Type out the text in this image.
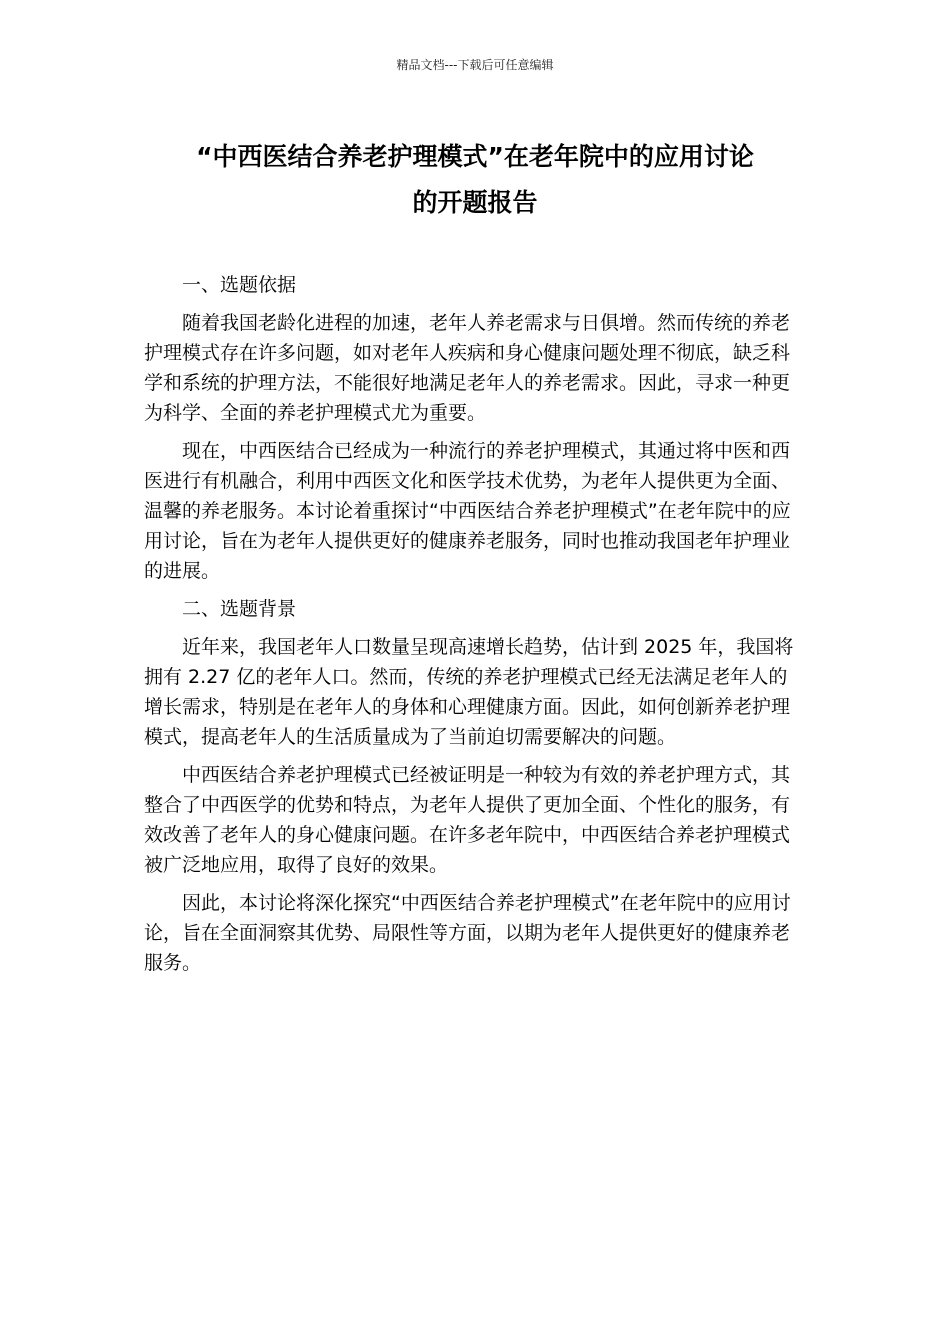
精品文档---下载后可任意编辑
“中西医结合养老护理模式”在老年院中的应用讨论
的开题报告
一、选题依据

随着我国老龄化进程的加速，老年人养老需求与日俱增。然而传统的养老护理模式存在许多问题，如对老年人疾病和身心健康问题处理不彻底，缺乏科学和系统的护理方法，不能很好地满足老年人的养老需求。因此，寻求一种更为科学、全面的养老护理模式尤为重要。

现在，中西医结合已经成为一种流行的养老护理模式，其通过将中医和西医进行有机融合，利用中西医文化和医学技术优势，为老年人提供更为全面、温馨的养老服务。本讨论着重探讨“中西医结合养老护理模式”在老年院中的应用讨论，旨在为老年人提供更好的健康养老服务，同时也推动我国老年护理业的进展。

二、选题背景

近年来，我国老年人口数量呈现高速增长趋势，估计到 2025 年，我国将拥有 2.27 亿的老年人口。然而，传统的养老护理模式已经无法满足老年人的增长需求，特别是在老年人的身体和心理健康方面。因此，如何创新养老护理模式，提高老年人的生活质量成为了当前迫切需要解决的问题。

中西医结合养老护理模式已经被证明是一种较为有效的养老护理方式，其整合了中西医学的优势和特点，为老年人提供了更加全面、个性化的服务，有效改善了老年人的身心健康问题。在许多老年院中，中西医结合养老护理模式被广泛地应用，取得了良好的效果。

因此，本讨论将深化探究“中西医结合养老护理模式”在老年院中的应用讨论，旨在全面洞察其优势、局限性等方面，以期为老年人提供更好的健康养老服务。
